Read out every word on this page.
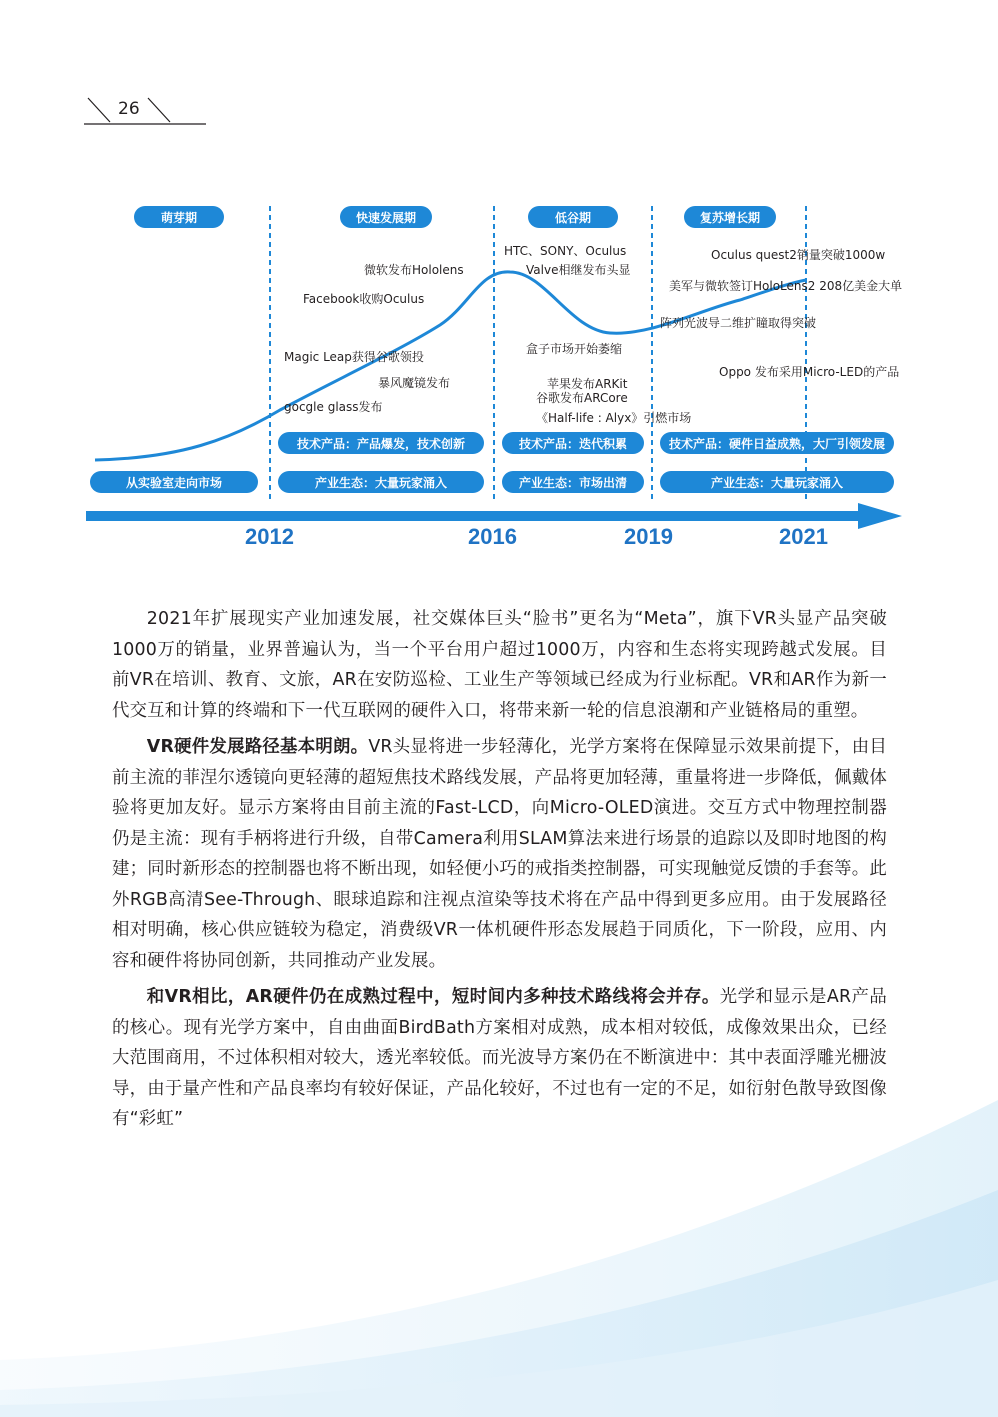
26
萌芽期	快速发展期	低谷期	复苏增长期
技术产品：产品爆发，技术创新	技术产品：迭代积累	技术产品：硬件日益成熟，大厂引领发展
从实验室走向市场	产业生态：大量玩家涌入	产业生态：市场出清	产业生态：大量玩家涌入
微软发布Hololens
Facebook收购Oculus
Magic Leap获得谷歌领投
暴风魔镜发布
gocgle glass发布
HTC、SONY、Oculus
Valve相继发布头显
盒子市场开始萎缩
苹果发布ARKit
谷歌发布ARCore
《Half-life : Alyx》引燃市场
Oculus quest2销量突破1000w
美军与微软签订HoloLens2 208亿美金大单
阵列光波导二维扩瞳取得突破
Oppo 发布采用Micro-LED的产品
2012	2016	2019	2021

2021年扩展现实产业加速发展，社交媒体巨头“脸书”更名为“Meta”，旗下VR头显产品突破1000万的销量，业界普遍认为，当一个平台用户超过1000万，内容和生态将实现跨越式发展。目前VR在培训、教育、文旅，AR在安防巡检、工业生产等领域已经成为行业标配。VR和AR作为新一代交互和计算的终端和下一代互联网的硬件入口，将带来新一轮的信息浪潮和产业链格局的重塑。

VR硬件发展路径基本明朗。VR头显将进一步轻薄化，光学方案将在保障显示效果前提下，由目前主流的菲涅尔透镜向更轻薄的超短焦技术路线发展，产品将更加轻薄，重量将进一步降低，佩戴体验将更加友好。显示方案将由目前主流的Fast-LCD，向Micro-OLED演进。交互方式中物理控制器仍是主流：现有手柄将进行升级，自带Camera利用SLAM算法来进行场景的追踪以及即时地图的构建；同时新形态的控制器也将不断出现，如轻便小巧的戒指类控制器，可实现触觉反馈的手套等。此外RGB高清See-Through、眼球追踪和注视点渲染等技术将在产品中得到更多应用。由于发展路径相对明确，核心供应链较为稳定，消费级VR一体机硬件形态发展趋于同质化，下一阶段，应用、内容和硬件将协同创新，共同推动产业发展。

和VR相比，AR硬件仍在成熟过程中，短时间内多种技术路线将会并存。光学和显示是AR产品的核心。现有光学方案中，自由曲面BirdBath方案相对成熟，成本相对较低，成像效果出众，已经大范围商用，不过体积相对较大，透光率较低。而光波导方案仍在不断演进中：其中表面浮雕光栅波导，由于量产性和产品良率均有较好保证，产品化较好，不过也有一定的不足，如衍射色散导致图像有“彩虹”
